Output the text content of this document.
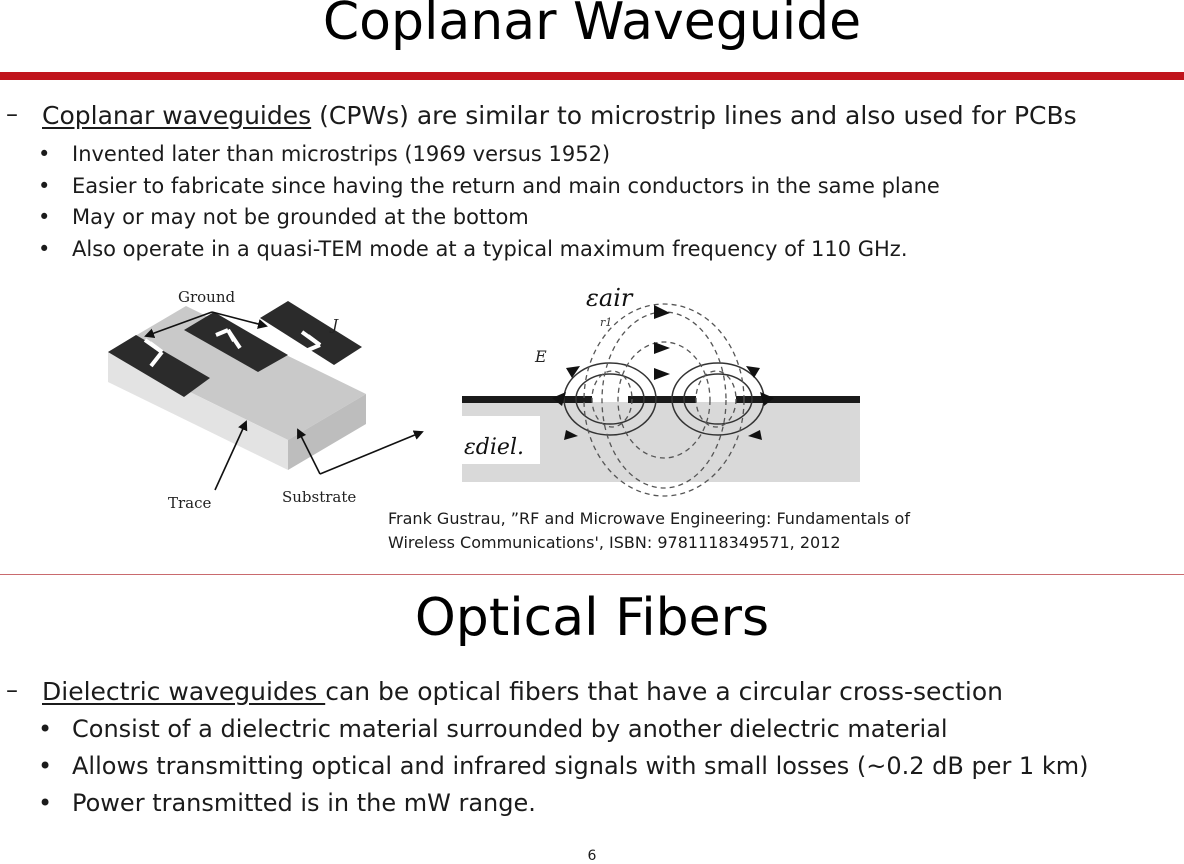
Coplanar Waveguide
– Coplanar waveguides (CPWs) are similar to microstrip lines and also used for PCBs
• Invented later than microstrips (1969 versus 1952)
• Easier to fabricate since having the return and main conductors in the same plane
• May or may not be grounded at the bottom
• Also operate in a quasi-TEM mode at a typical maximum frequency of 110 GHz.
Ground
Trace	Substrate
J
εair
r1
E
εdiel.
Frank Gustrau, ”RF and Microwave Engineering: Fundamentals of
Wireless Communications', ISBN: 9781118349571, 2012
Optical Fibers
– Dielectric waveguides can be optical fibers that have a circular cross-section
• Consist of a dielectric material surrounded by another dielectric material
• Allows transmitting optical and infrared signals with small losses (~0.2 dB per 1 km)
• Power transmitted is in the mW range.
6
